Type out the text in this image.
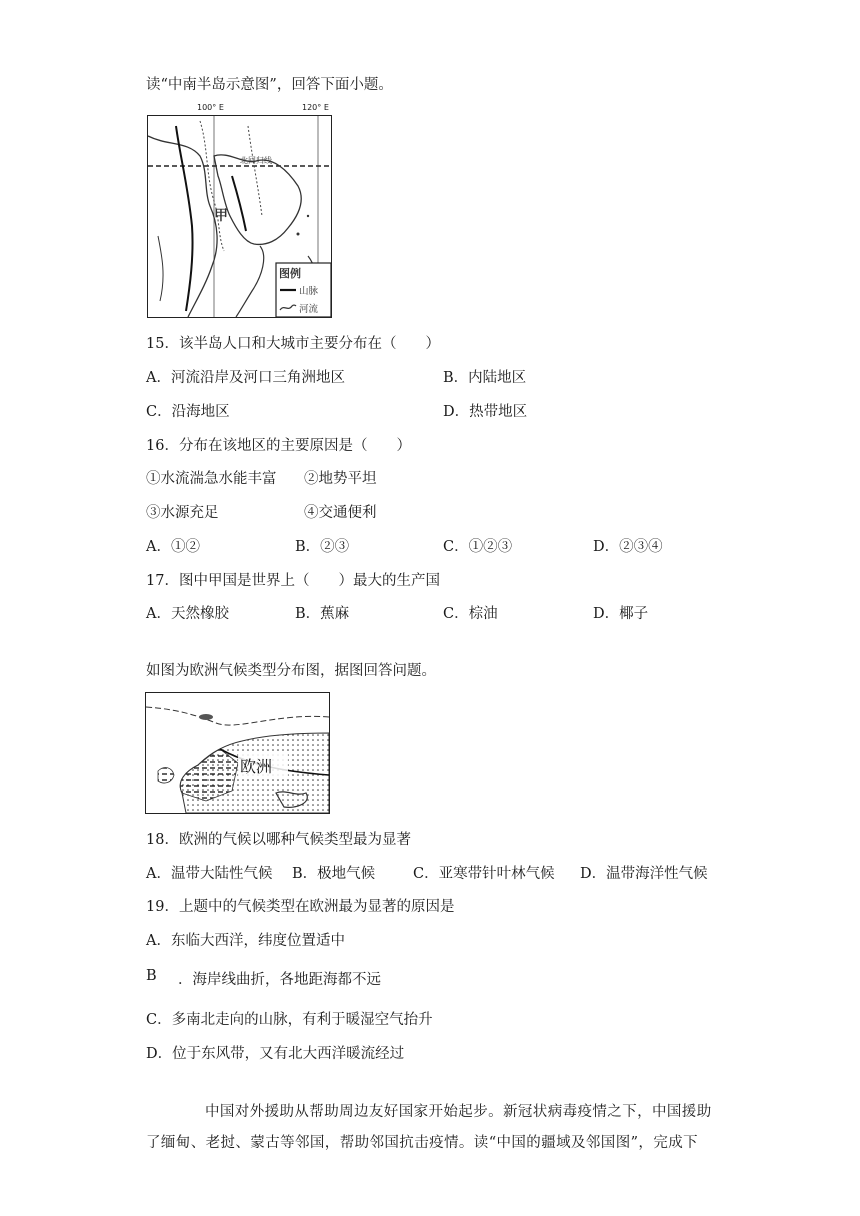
读“中南半岛示意图”，回答下面小题。
北回归线
甲
图例
山脉
河流
100° E	120° E
15．该半岛人口和大城市主要分布在（　　）
A．河流沿岸及河口三角洲地区	B．内陆地区
C．沿海地区	D．热带地区
16．分布在该地区的主要原因是（　　）
①水流湍急水能丰富 ②地势平坦
③水源充足	④交通便利
A．①②	B．②③	C．①②③	D．②③④
17．图中甲国是世界上（　　）最大的生产国
A．天然橡胶	B．蕉麻	C．棕油	D．椰子
如图为欧洲气候类型分布图，据图回答问题。
欧洲
18．欧洲的气候以哪种气候类型最为显著
A．温带大陆性气候 B．极地气候	C．亚寒带针叶林气候 D．温带海洋性气候
19．上题中的气候类型在欧洲最为显著的原因是
A．东临大西洋，纬度位置适中
B ．海岸线曲折，各地距海都不远
C．多南北走向的山脉，有利于暖湿空气抬升
D．位于东风带，又有北大西洋暖流经过
中国对外援助从帮助周边友好国家开始起步。新冠状病毒疫情之下，中国援助
了缅甸、老挝、蒙古等邻国，帮助邻国抗击疫情。读“中国的疆域及邻国图”，完成下
